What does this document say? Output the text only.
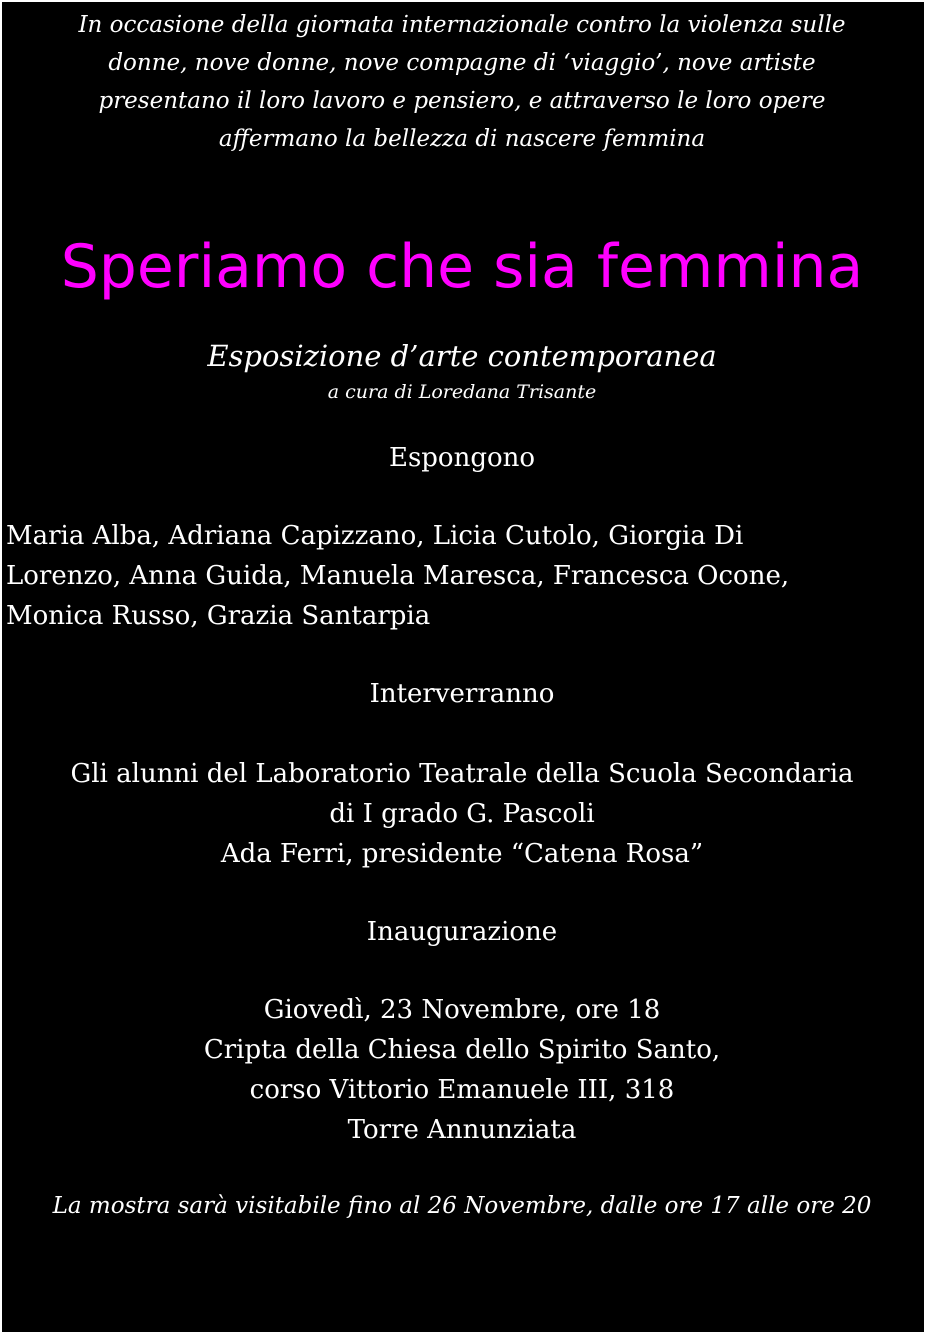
In occasione della giornata internazionale contro la violenza sulle
donne, nove donne, nove compagne di ‘viaggio’, nove artiste
presentano il loro lavoro e pensiero, e attraverso le loro opere
affermano la bellezza di nascere femmina
Speriamo che sia femmina
Esposizione d’arte contemporanea
a cura di Loredana Trisante
Espongono
Maria Alba, Adriana Capizzano, Licia Cutolo, Giorgia Di
Lorenzo, Anna Guida, Manuela Maresca, Francesca Ocone,
Monica Russo, Grazia Santarpia
Interverranno
Gli alunni del Laboratorio Teatrale della Scuola Secondaria
di I grado G. Pascoli
Ada Ferri, presidente “Catena Rosa”
Inaugurazione
Giovedì, 23 Novembre, ore 18
Cripta della Chiesa dello Spirito Santo,
corso Vittorio Emanuele III, 318
Torre Annunziata
La mostra sarà visitabile fino al 26 Novembre, dalle ore 17 alle ore 20
